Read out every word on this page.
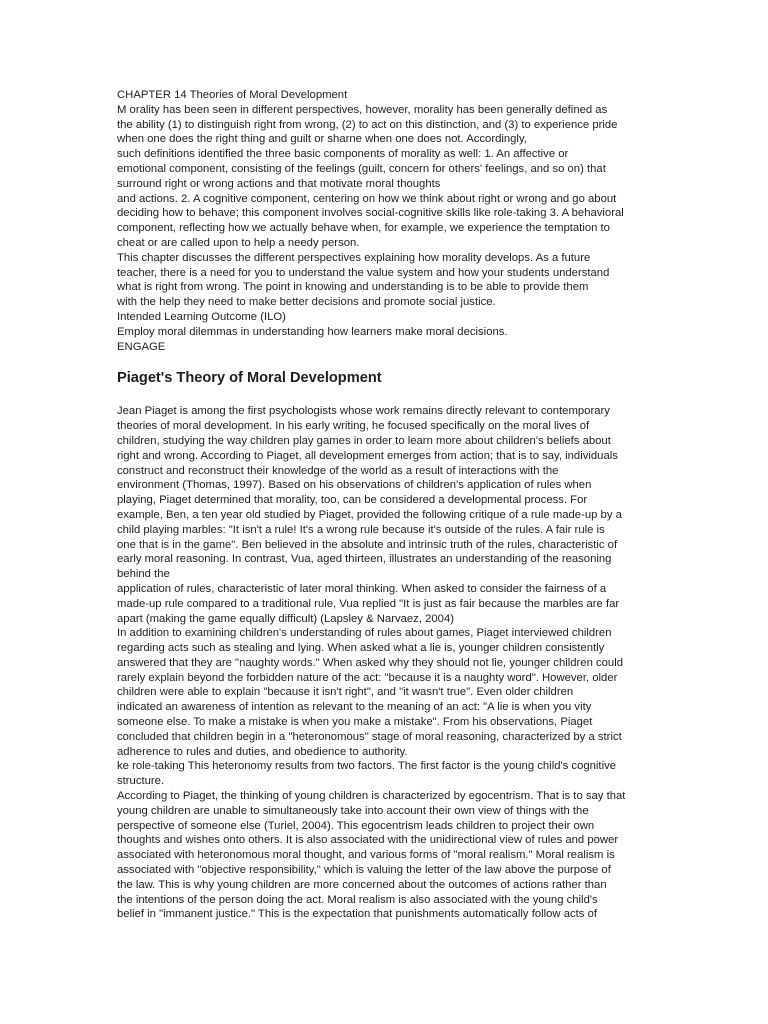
CHAPTER 14 Theories of Moral Development

M orality has been seen in different perspectives, however, morality has been generally defined as

the ability (1) to distinguish right from wrong, (2) to act on this distinction, and (3) to experience pride

when one does the right thing and guilt or sharne when one does not. Accordingly,

such definitions identified the three basic components of morality as well: 1. An affective or

emotional component, consisting of the feelings (guilt, concern for others' feelings, and so on) that

surround right or wrong actions and that motivate moral thoughts

and actions. 2. A cognitive component, centering on how we think about right or wrong and go about

deciding how to behave; this component involves social-cognitive skills like role-taking 3. A behavioral

component, reflecting how we actually behave when, for example, we experience the temptation to

cheat or are called upon to help a needy person.

This chapter discusses the different perspectives explaining how morality develops. As a future

teacher, there is a need for you to understand the value system and how your students understand

what is right from wrong. The point in knowing and understanding is to be able to provide them

with the help they need to make better decisions and promote social justice.

Intended Learning Outcome (ILO)

Employ moral dilemmas in understanding how learners make moral decisions.

ENGAGE

Piaget's Theory of Moral Development

Jean Piaget is among the first psychologists whose work remains directly relevant to contemporary

theories of moral development. In his early writing, he focused specifically on the moral lives of

children, studying the way children play games in order to learn more about children's beliefs about

right and wrong. According to Piaget, all development emerges from action; that is to say, individuals

construct and reconstruct their knowledge of the world as a result of interactions with the

environment (Thomas, 1997). Based on his observations of children's application of rules when

playing, Piaget determined that morality, too, can be considered a developmental process. For

example, Ben, a ten year old studied by Piaget, provided the following critique of a rule made-up by a

child playing marbles: "It isn't a rule! It's a wrong rule because it's outside of the rules. A fair rule is

one that is in the game". Ben believed in the absolute and intrinsic truth of the rules, characteristic of

early moral reasoning. In contrast, Vua, aged thirteen, illustrates an understanding of the reasoning

behind the

application of rules, characteristic of later moral thinking. When asked to consider the fairness of a

made-up rule compared to a traditional rule, Vua replied "It is just as fair because the marbles are far

apart (making the game equally difficult) (Lapsley & Narvaez, 2004)

In addition to examining children's understanding of rules about games, Piaget interviewed children

regarding acts such as stealing and lying. When asked what a lie is, younger children consistently

answered that they are "naughty words." When asked why they should not lie, younger children could

rarely explain beyond the forbidden nature of the act: "because it is a naughty word". However, older

children were able to explain "because it isn't right", and "it wasn't true". Even older children

indicated an awareness of intention as relevant to the meaning of an act: "A lie is when you vity

someone else. To make a mistake is when you make a mistake". From his observations, Piaget

concluded that children begin in a "heteronomous" stage of moral reasoning, characterized by a strict

adherence to rules and duties, and obedience to authority.

ke role-taking This heteronomy results from two factors. The first factor is the young child's cognitive

structure.

According to Piaget, the thinking of young children is characterized by egocentrism. That is to say that

young children are unable to simultaneously take into account their own view of things with the

perspective of someone else (Turiel, 2004). This egocentrism leads children to project their own

thoughts and wishes onto others. It is also associated with the unidirectional view of rules and power

associated with heteronomous moral thought, and various forms of "moral realism." Moral realism is

associated with "objective responsibility," which is valuing the letter of the law above the purpose of

the law. This is why young children are more concerned about the outcomes of actions rather than

the intentions of the person doing the act. Moral realism is also associated with the young child's

belief in "immanent justice." This is the expectation that punishments automatically follow acts of
